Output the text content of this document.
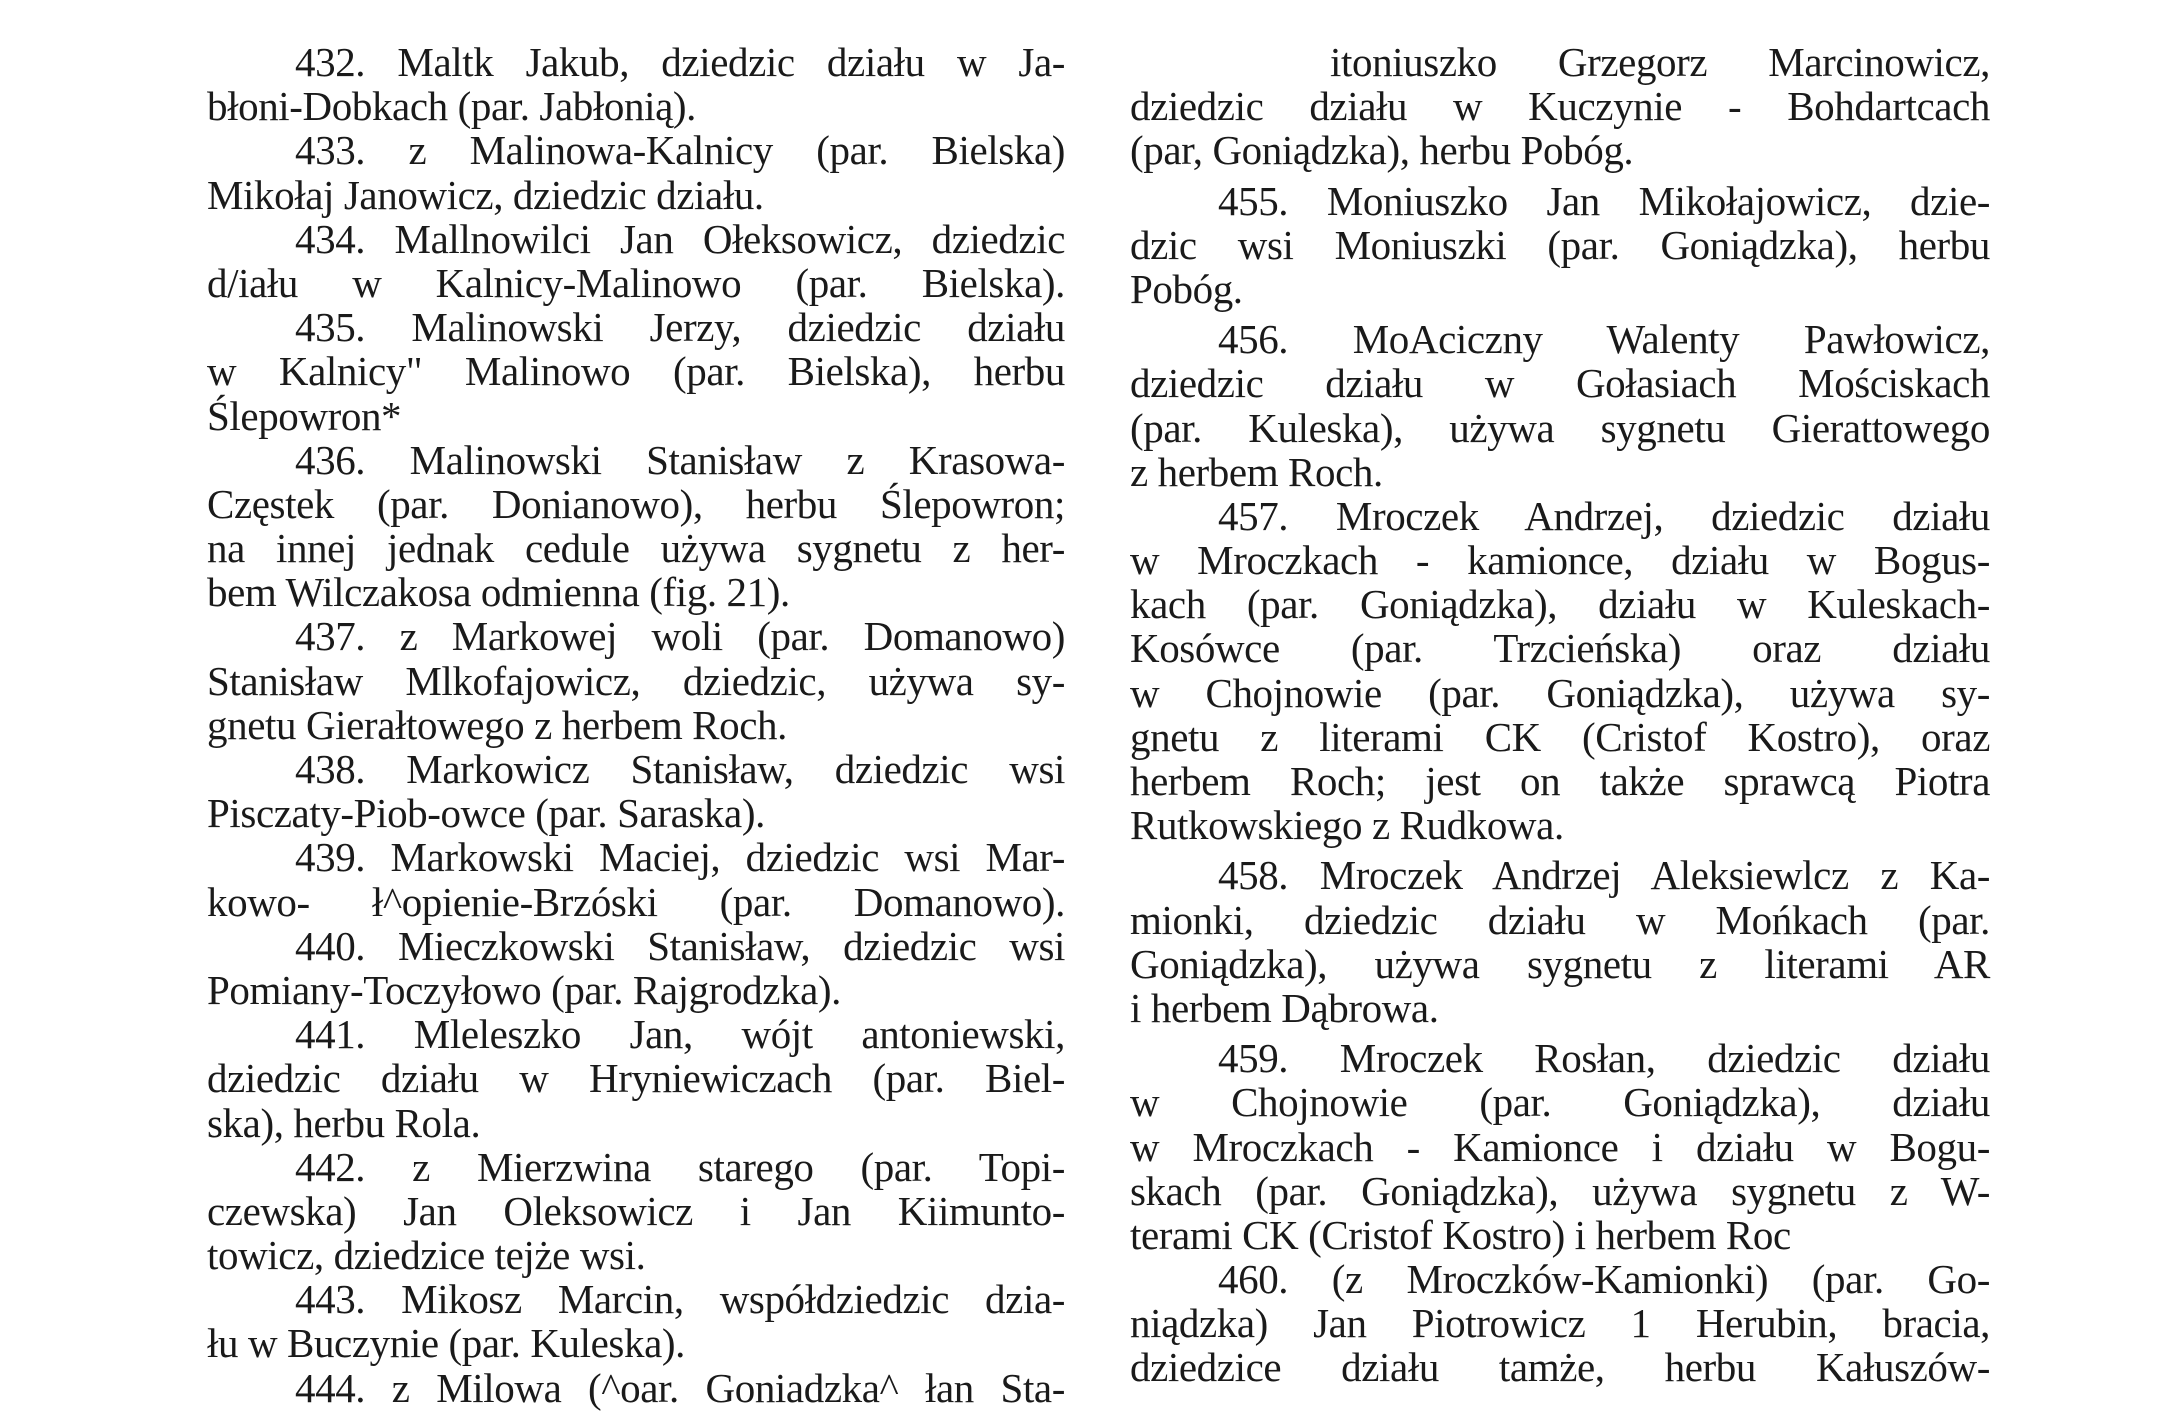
432. Maltk Jakub, dziedzic działu w Ja-
błoni-Dobkach (par. Jabłonią).
433. z Malinowa-Kalnicy (par. Bielska)
Mikołaj Janowicz, dziedzic działu.
434. Mallnowilci Jan Ołeksowicz, dziedzic
d/iału w Kalnicy-Malinowo (par. Bielska).
435. Malinowski Jerzy, dziedzic działu
w Kalnicy" Malinowo (par. Bielska), herbu
Ślepowron*
436. Malinowski Stanisław z Krasowa-
Częstek (par. Donianowo), herbu Ślepowron;
na innej jednak cedule używa sygnetu z her-
bem Wilczakosa odmienna (fig. 21).
437. z Markowej woli (par. Domanowo)
Stanisław Mlkofajowicz, dziedzic, używa sy-
gnetu Gierałtowego z herbem Roch.
438. Markowicz Stanisław, dziedzic wsi
Pisczaty-Piob-owce (par. Saraska).
439. Markowski Maciej, dziedzic wsi Mar-
kowo- ł^opienie-Brzóski (par. Domanowo).
440. Mieczkowski Stanisław, dziedzic wsi
Pomiany-Toczyłowo (par. Rajgrodzka).
441. Mleleszko Jan, wójt antoniewski,
dziedzic działu w Hryniewiczach (par. Biel-
ska), herbu Rola.
442. z Mierzwina starego (par. Topi-
czewska) Jan Oleksowicz i Jan Kiimunto-
towicz, dziedzice tejże wsi.
443. Mikosz Marcin, współdziedzic dzia-
łu w Buczynie (par. Kuleska).
444. z Milowa (^oar. Goniadzka^ łan Sta-
itoniuszko Grzegorz Marcinowicz,
dziedzic działu w Kuczynie - Bohdartcach
(par, Goniądzka), herbu Pobóg.
455. Moniuszko Jan Mikołajowicz, dzie-
dzic wsi Moniuszki (par. Goniądzka), herbu
Pobóg.
456. MoAciczny Walenty Pawłowicz,
dziedzic działu w Gołasiach Mościskach
(par. Kuleska), używa sygnetu Gierattowego
z herbem Roch.
457. Mroczek Andrzej, dziedzic działu
w Mroczkach - kamionce, działu w Bogus-
kach (par. Goniądzka), działu w Kuleskach-
Kosówce (par. Trzcieńska) oraz działu
w Chojnowie (par. Goniądzka), używa sy-
gnetu z literami CK (Cristof Kostro), oraz
herbem Roch; jest on także sprawcą Piotra
Rutkowskiego z Rudkowa.
458. Mroczek Andrzej Aleksiewlcz z Ka-
mionki, dziedzic działu w Mońkach (par.
Goniądzka), używa sygnetu z literami AR
i herbem Dąbrowa.
459. Mroczek Rosłan, dziedzic działu
w Chojnowie (par. Goniądzka), działu
w Mroczkach - Kamionce i działu w Bogu-
skach (par. Goniądzka), używa sygnetu z W-
terami CK (Cristof Kostro) i herbem Roc
460. (z Mroczków-Kamionki) (par. Go-
niądzka) Jan Piotrowicz 1 Herubin, bracia,
dziedzice działu tamże, herbu Kałuszów-
